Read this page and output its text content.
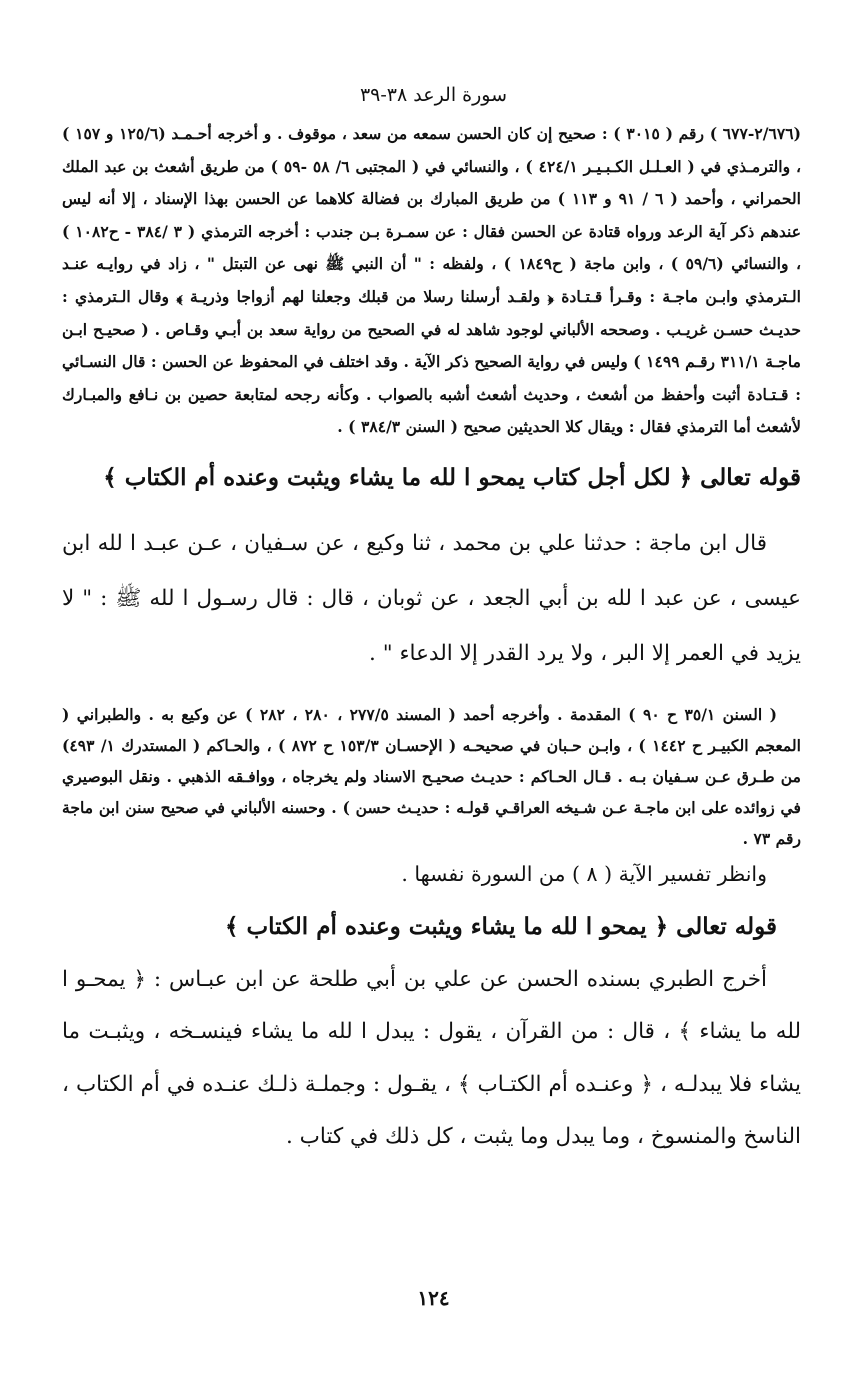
سورة الرعد ٣٨-٣٩

(٢/٦٧٦-٦٧٧ ) رقم ( ٣٠١٥ ) : صحيح إن كان الحسن سمعه من سعد ، موقوف . و أخرجه أحـمـد (١٢٥/٦ و ١٥٧ ) ، والترمـذي في ( العـلـل الكـبـيـر ٤٢٤/١ ) ، والنسائي في ( المجتبى ٦/ ٥٨ -٥٩ ) من طريق أشعث بن عبد الملك الحمراني ، وأحمد ( ٦ / ٩١ و ١١٣ ) من طريق المبارك بن فضالة كلاهما عن الحسن بهذا الإسناد ، إلا أنه ليس عندهم ذكر آية الرعد ورواه قتادة عن الحسن فقال : عن سمـرة بـن جندب : أخرجه الترمذي ( ٣ /٣٨٤ - ح١٠٨٢ ) ، والنسائي (٥٩/٦ ) ، وابن ماجة ( ح١٨٤٩ ) ، ولفظه : " أن النبي ﷺ نهى عن التبتل " ، زاد في روايـه عنـد الـترمذي وابـن ماجـة : وقـرأ قـتـادة ﴿ ولقـد أرسلنا رسلا من قبلك وجعلنا لهم أزواجا وذريـة ﴾ وقال الـترمذي : حديـث حسـن غريـب . وصححه الألباني لوجود شاهد له في الصحيح من رواية سعد بن أبـي وقـاص . ( صحيـح ابـن ماجـة ٣١١/١ رقـم ١٤٩٩ ) وليس في رواية الصحيح ذكر الآية . وقد اختلف في المحفوظ عن الحسن : قال النسـائي : قـتـادة أثبت وأحفظ من أشعث ، وحديث أشعث أشبه بالصواب . وكأنه رجحه لمتابعة حصين بن نـافع والمبـارك لأشعث أما الترمذي فقال : ويقال كلا الحديثين صحيح ( السنن ٣٨٤/٣ ) .

قوله تعالى ﴿ لكل أجل كتاب يمحو ا لله ما يشاء ويثبت وعنده أم الكتاب ﴾

قال ابن ماجة : حدثنا علي بن محمد ، ثنا وكيع ، عن سـفيان ، عـن عبـد ا لله ابن عيسى ، عن عبد ا لله بن أبي الجعد ، عن ثوبان ، قال : قال رسـول ا لله ﷺ : " لا يزيد في العمر إلا البر ، ولا يرد القدر إلا الدعاء " .

( السنن ٣٥/١ ح ٩٠ ) المقدمة . وأخرجه أحمد ( المسند ٢٧٧/٥ ، ٢٨٠ ، ٢٨٢ ) عن وكيع به . والطبراني ( المعجم الكبيـر ح ١٤٤٢ ) ، وابـن حـبان في صحيحـه ( الإحسـان ١٥٣/٣ ح ٨٧٢ ) ، والحـاكم ( المستدرك ١/ ٤٩٣) من طـرق عـن سـفيان بـه . قـال الحـاكم : حديـث صحيـح الاسناد ولم يخرجاه ، ووافـقه الذهبي . ونقل البوصيري في زوائده على ابن ماجـة عـن شـيخه العراقـي قولـه : حديـث حسن ) . وحسنه الألباني في صحيح سنن ابن ماجة رقم ٧٣ .

وانظر تفسير الآية ( ٨ ) من السورة نفسها .

قوله تعالى ﴿ يمحو ا لله ما يشاء ويثبت وعنده أم الكتاب ﴾

أخرج الطبري بسنده الحسن عن علي بن أبي طلحة عن ابن عبـاس : ﴿ يمحـو ا لله ما يشاء ﴾ ، قال : من القرآن ، يقول : يبدل ا لله ما يشاء فينسـخه ، ويثبـت ما يشاء فلا يبدلـه ، ﴿ وعنـده أم الكتـاب ﴾ ، يقـول : وجملـة ذلـك عنـده في أم الكتاب ، الناسخ والمنسوخ ، وما يبدل وما يثبت ، كل ذلك في كتاب .

١٢٤
